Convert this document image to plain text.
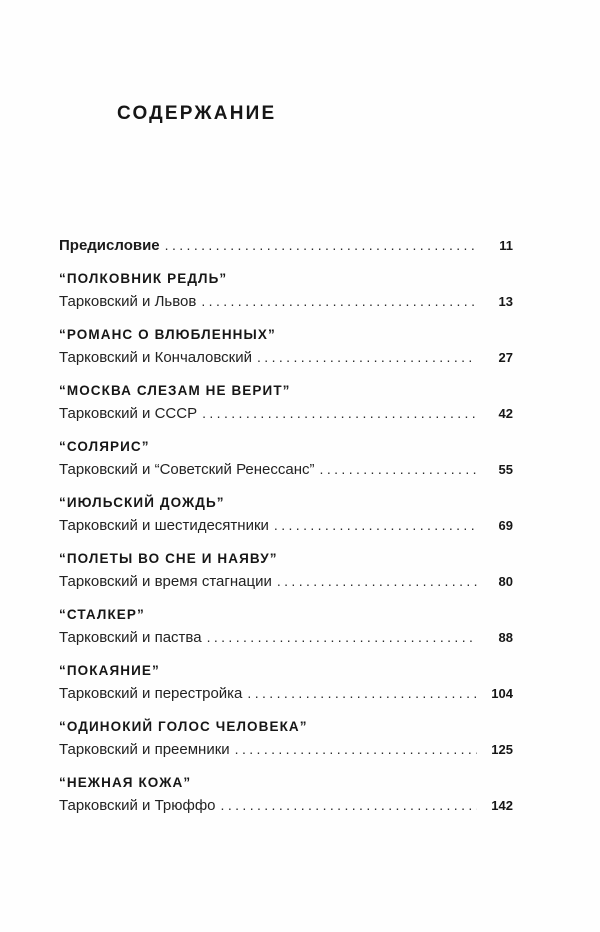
СОДЕРЖАНИЕ
Предисловие .....	11
“ПОЛКОВНИК РЕДЛЬ”
Тарковский и Львов .....	13
“РОМАНС О ВЛЮБЛЕННЫХ”
Тарковский и Кончаловский .....	27
“МОСКВА СЛЕЗАМ НЕ ВЕРИТ”
Тарковский и СССР .....	42
“СОЛЯРИС”
Тарковский и “Советский Ренессанс” .....	55
“ИЮЛЬСКИЙ ДОЖДЬ”
Тарковский и шестидесятники .....	69
“ПОЛЕТЫ ВО СНЕ И НАЯВУ”
Тарковский и время стагнации .....	80
“СТАЛКЕР”
Тарковский и паства .....	88
“ПОКАЯНИЕ”
Тарковский и перестройка .....	104
“ОДИНОКИЙ ГОЛОС ЧЕЛОВЕКА”
Тарковский и преемники .....	125
“НЕЖНАЯ КОЖА”
Тарковский и Трюффо .....	142
